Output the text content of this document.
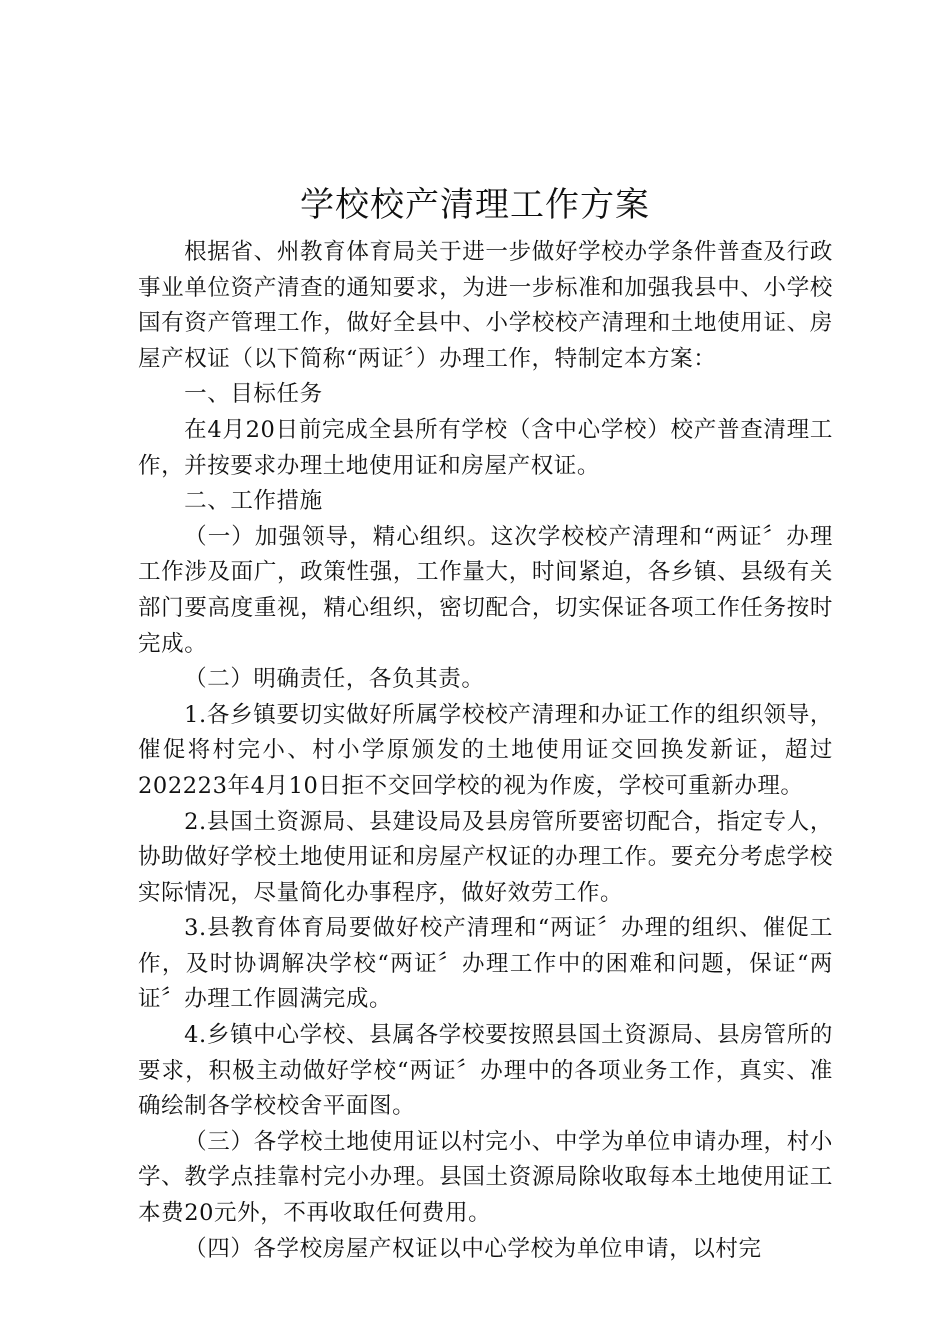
学校校产清理工作方案

根据省、州教育体育局关于进一步做好学校办学条件普查及行政事业单位资产清查的通知要求，为进一步标准和加强我县中、小学校国有资产管理工作，做好全县中、小学校校产清理和土地使用证、房屋产权证（以下简称“两证〞）办理工作，特制定本方案：

一、目标任务

在4月20日前完成全县所有学校（含中心学校）校产普查清理工作，并按要求办理土地使用证和房屋产权证。

二、工作措施

（一）加强领导，精心组织。这次学校校产清理和“两证〞办理工作涉及面广，政策性强，工作量大，时间紧迫，各乡镇、县级有关部门要高度重视，精心组织，密切配合，切实保证各项工作任务按时完成。

（二）明确责任，各负其责。

1.各乡镇要切实做好所属学校校产清理和办证工作的组织领导，催促将村完小、村小学原颁发的土地使用证交回换发新证，超过202223年4月10日拒不交回学校的视为作废，学校可重新办理。

2.县国土资源局、县建设局及县房管所要密切配合，指定专人，协助做好学校土地使用证和房屋产权证的办理工作。要充分考虑学校实际情况，尽量简化办事程序，做好效劳工作。

3.县教育体育局要做好校产清理和“两证〞办理的组织、催促工作，及时协调解决学校“两证〞办理工作中的困难和问题，保证“两证〞办理工作圆满完成。

4.乡镇中心学校、县属各学校要按照县国土资源局、县房管所的要求，积极主动做好学校“两证〞办理中的各项业务工作，真实、准确绘制各学校校舍平面图。

（三）各学校土地使用证以村完小、中学为单位申请办理，村小学、教学点挂靠村完小办理。县国土资源局除收取每本土地使用证工本费20元外，不再收取任何费用。

（四）各学校房屋产权证以中心学校为单位申请，以村完
